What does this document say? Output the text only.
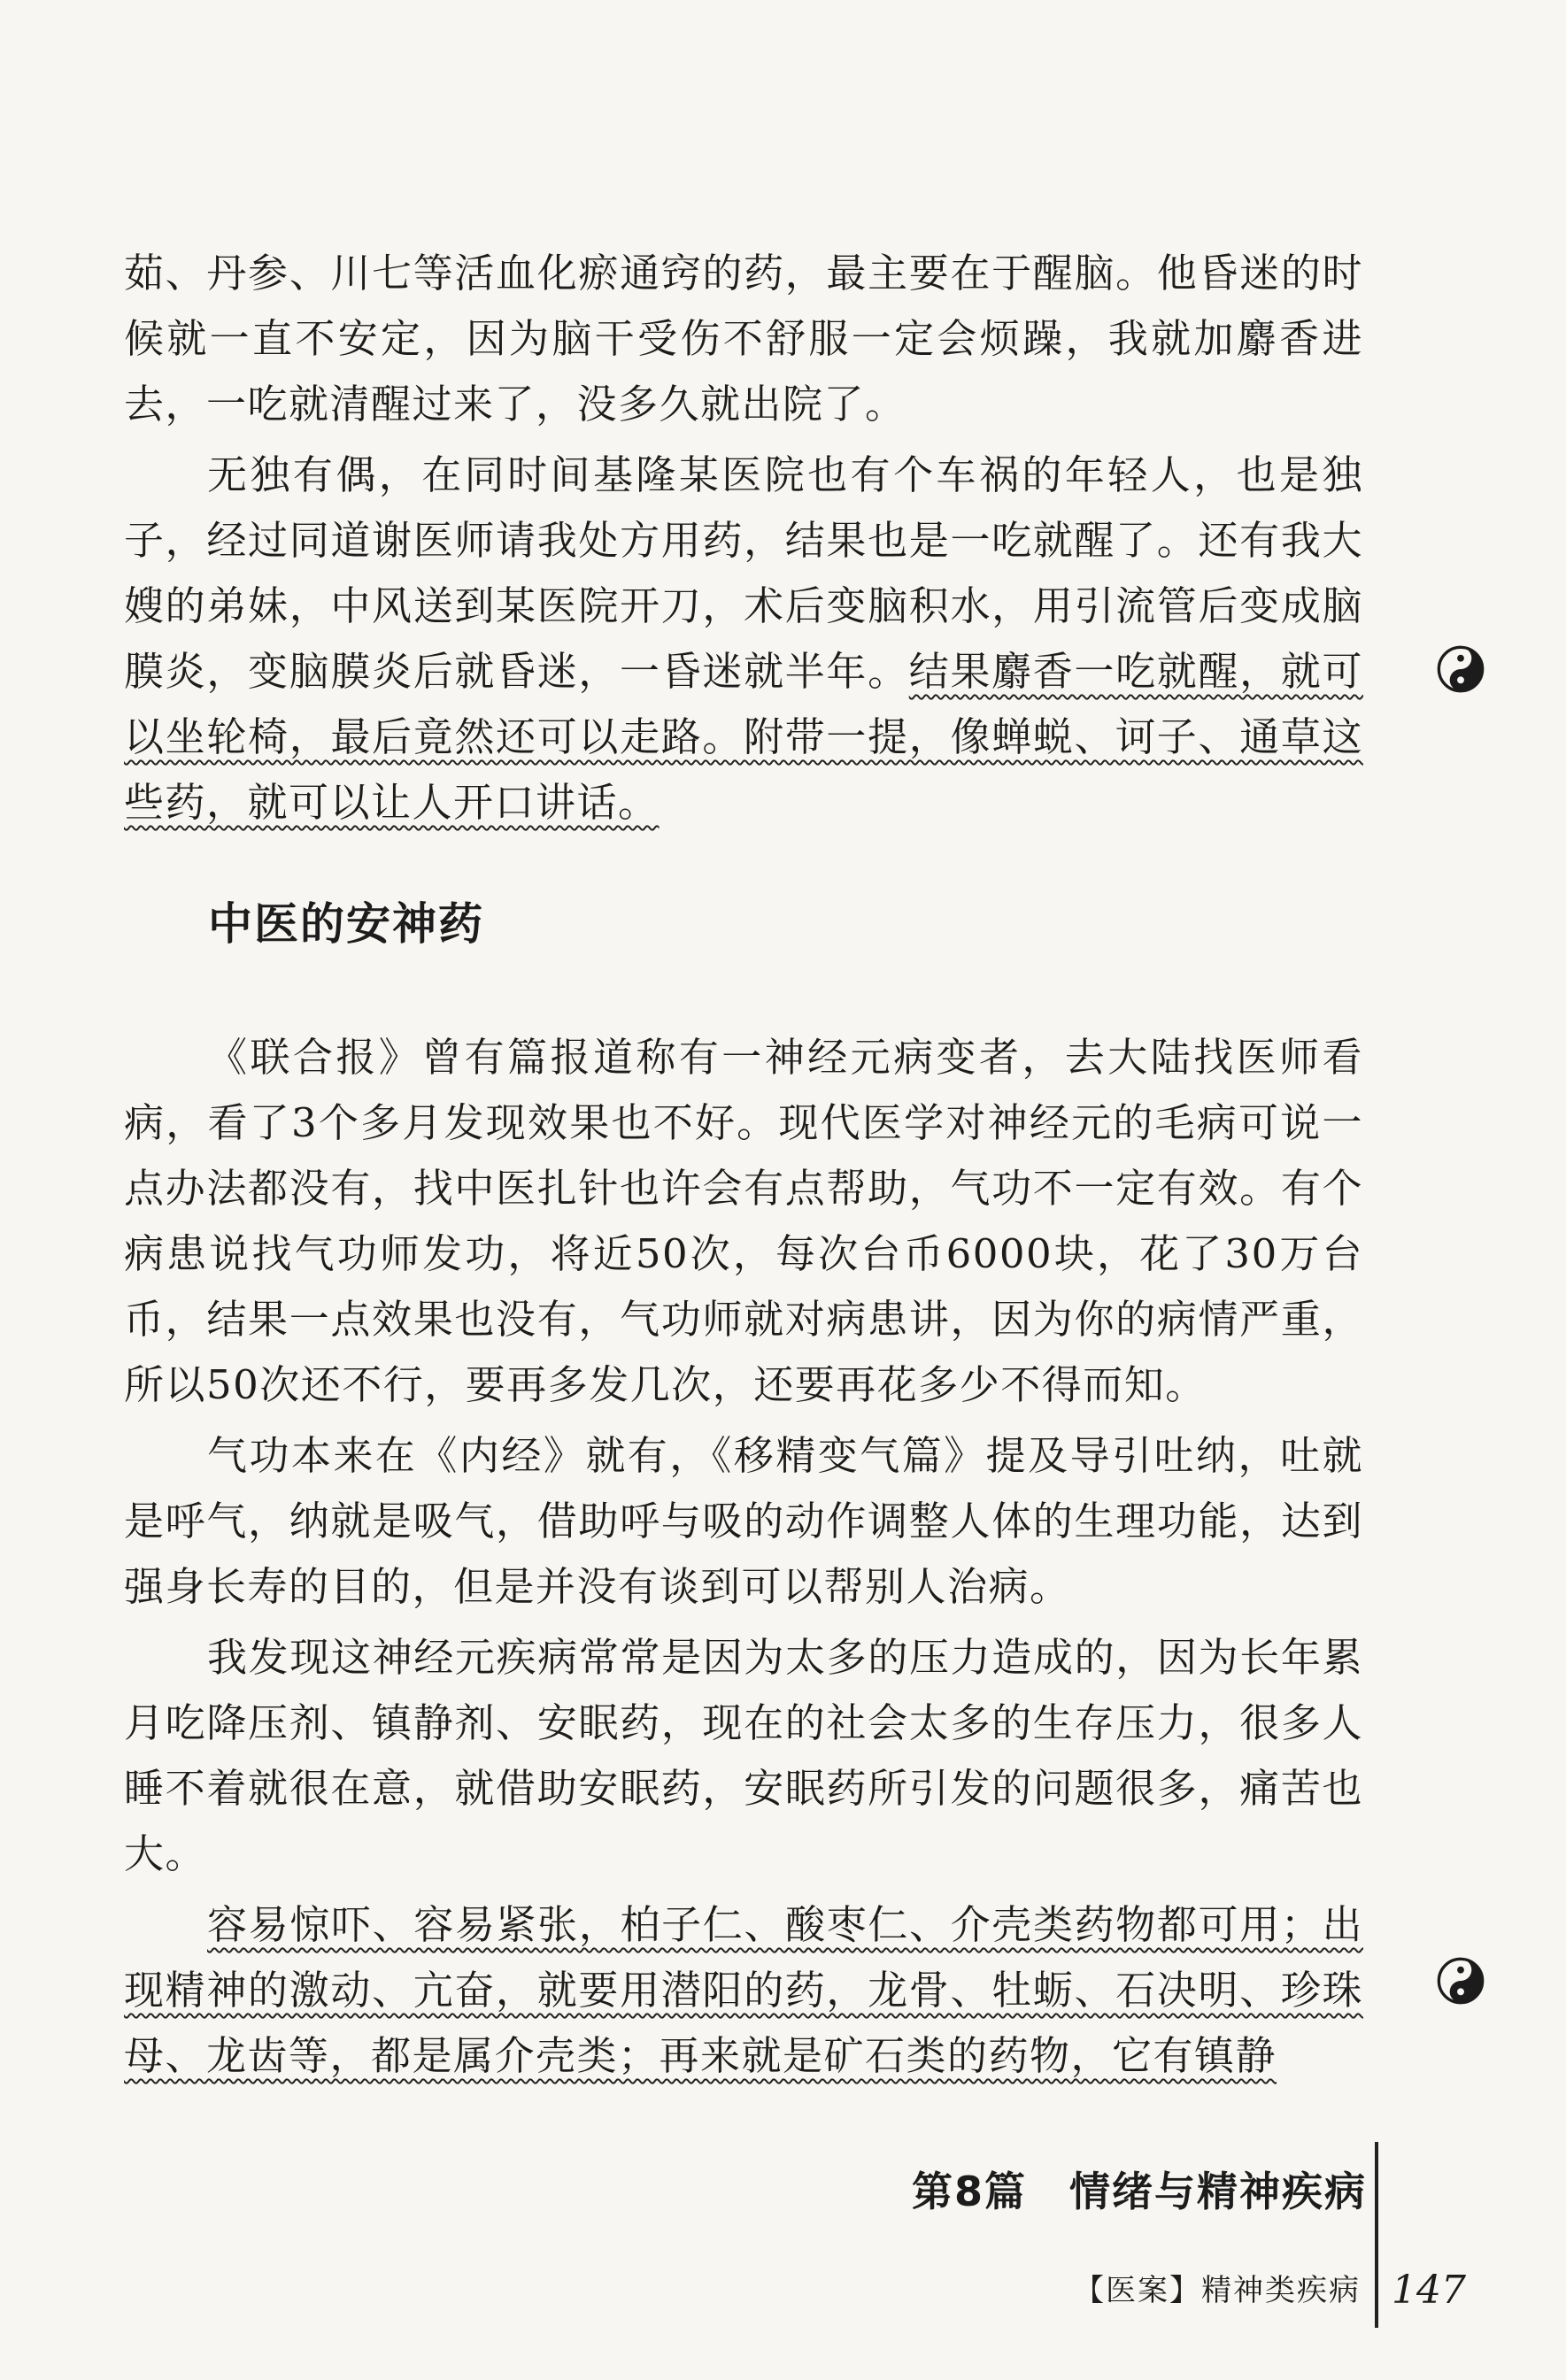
茹、丹参、川七等活血化瘀通窍的药，最主要在于醒脑。他昏迷的时候就一直不安定，因为脑干受伤不舒服一定会烦躁，我就加麝香进去，一吃就清醒过来了，没多久就出院了。

无独有偶，在同时间基隆某医院也有个车祸的年轻人，也是独子，经过同道谢医师请我处方用药，结果也是一吃就醒了。还有我大嫂的弟妹，中风送到某医院开刀，术后变脑积水，用引流管后变成脑膜炎，变脑膜炎后就昏迷，一昏迷就半年。结果麝香一吃就醒，就可以坐轮椅，最后竟然还可以走路。附带一提，像蝉蜕、诃子、通草这些药，就可以让人开口讲话。

中医的安神药

《联合报》曾有篇报道称有一神经元病变者，去大陆找医师看病，看了3个多月发现效果也不好。现代医学对神经元的毛病可说一点办法都没有，找中医扎针也许会有点帮助，气功不一定有效。有个病患说找气功师发功，将近50次，每次台币6000块，花了30万台币，结果一点效果也没有，气功师就对病患讲，因为你的病情严重，所以50次还不行，要再多发几次，还要再花多少不得而知。

气功本来在《内经》就有，《移精变气篇》提及导引吐纳，吐就是呼气，纳就是吸气，借助呼与吸的动作调整人体的生理功能，达到强身长寿的目的，但是并没有谈到可以帮别人治病。

我发现这神经元疾病常常是因为太多的压力造成的，因为长年累月吃降压剂、镇静剂、安眠药，现在的社会太多的生存压力，很多人睡不着就很在意，就借助安眠药，安眠药所引发的问题很多，痛苦也大。

容易惊吓、容易紧张，柏子仁、酸枣仁、介壳类药物都可用；出现精神的激动、亢奋，就要用潜阳的药，龙骨、牡蛎、石决明、珍珠母、龙齿等，都是属介壳类；再来就是矿石类的药物，它有镇静

第8篇　情绪与精神疾病
【医案】精神类疾病 147
